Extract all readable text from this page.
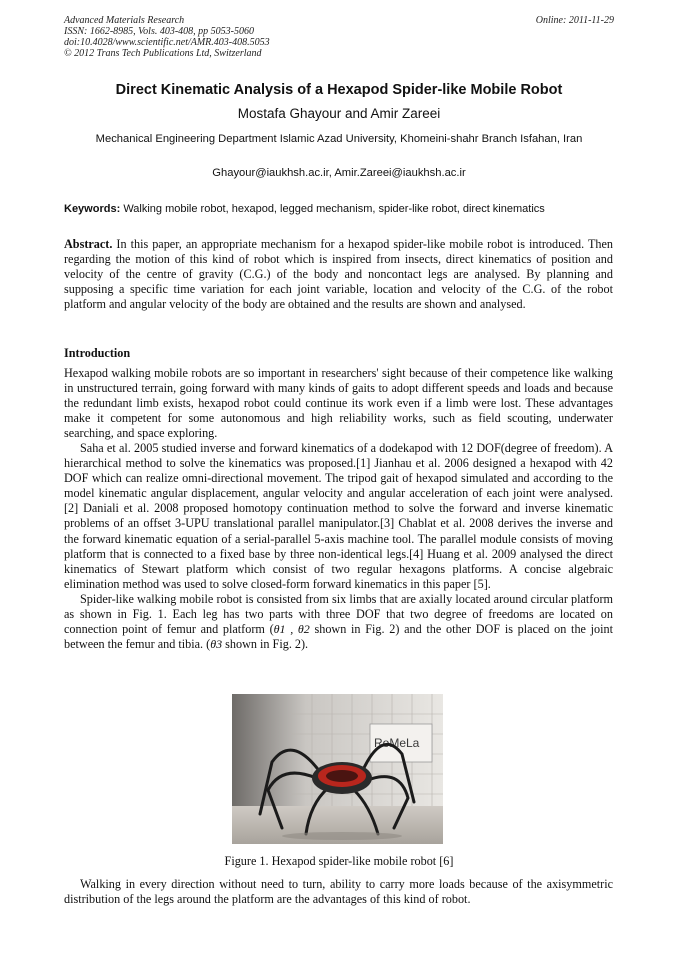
Advanced Materials Research
ISSN: 1662-8985, Vols. 403-408, pp 5053-5060
doi:10.4028/www.scientific.net/AMR.403-408.5053
© 2012 Trans Tech Publications Ltd, Switzerland
Online: 2011-11-29
Direct Kinematic Analysis of a Hexapod Spider-like Mobile Robot
Mostafa Ghayour and Amir Zareei
Mechanical Engineering Department Islamic Azad University, Khomeini-shahr Branch Isfahan, Iran
Ghayour@iaukhsh.ac.ir, Amir.Zareei@iaukhsh.ac.ir
Keywords: Walking mobile robot, hexapod, legged mechanism, spider-like robot, direct kinematics
Abstract. In this paper, an appropriate mechanism for a hexapod spider-like mobile robot is introduced. Then regarding the motion of this kind of robot which is inspired from insects, direct kinematics of position and velocity of the centre of gravity (C.G.) of the body and noncontact legs are analysed. By planning and supposing a specific time variation for each joint variable, location and velocity of the C.G. of the robot platform and angular velocity of the body are obtained and the results are shown and analysed.
Introduction

Hexapod walking mobile robots are so important in researchers' sight because of their competence like walking in unstructured terrain, going forward with many kinds of gaits to adopt different speeds and loads and because the redundant limb exists, hexapod robot could continue its work even if a limb were lost. These advantages make it competent for some autonomous and high reliability works, such as field scouting, underwater searching, and space exploring.

Saha et al. 2005 studied inverse and forward kinematics of a dodekapod with 12 DOF(degree of freedom). A hierarchical method to solve the kinematics was proposed.[1] Jianhau et al. 2006 designed a hexapod with 42 DOF which can realize omni-directional movement. The tripod gait of hexapod simulated and according to the model kinematic angular displacement, angular velocity and angular acceleration of each joint were analysed.[2] Daniali et al. 2008 proposed homotopy continuation method to solve the forward and inverse kinematic problems of an offset 3-UPU translational parallel manipulator.[3] Chablat et al. 2008 derives the inverse and the forward kinematic equation of a serial-parallel 5-axis machine tool. The parallel module consists of moving platform that is connected to a fixed base by three non-identical legs.[4] Huang et al. 2009 analysed the direct kinematics of Stewart platform which consist of two regular hexagons platforms. A concise algebraic elimination method was used to solve closed-form forward kinematics in this paper [5].

Spider-like walking mobile robot is consisted from six limbs that are axially located around circular platform as shown in Fig. 1. Each leg has two parts with three DOF that two degree of freedoms are located on connection point of femur and platform (θ1 , θ2 shown in Fig. 2) and the other DOF is placed on the joint between the femur and tibia. (θ3 shown in Fig. 2).

RoMeLa
Figure 1. Hexapod spider-like mobile robot [6]
Walking in every direction without need to turn, ability to carry more loads because of the axisymmetric distribution of the legs around the platform are the advantages of this kind of robot.
